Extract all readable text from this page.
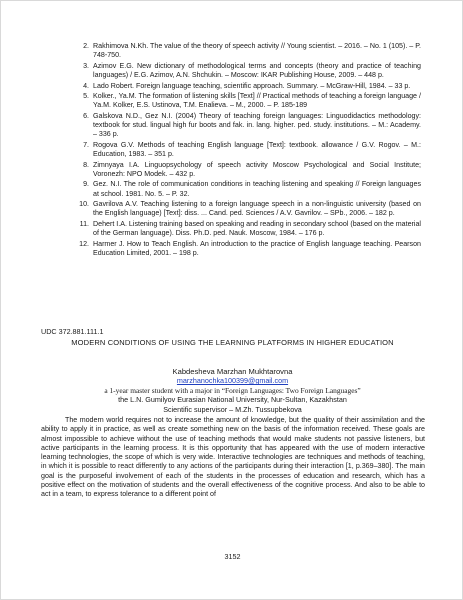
2. Rakhimova N.Kh. The value of the theory of speech activity // Young scientist. – 2016. – No. 1 (105). – P. 748-750.
3. Azimov E.G. New dictionary of methodological terms and concepts (theory and practice of teaching languages) / E.G. Azimov, A.N. Shchukin. – Moscow: IKAR Publishing House, 2009. – 448 p.
4. Lado Robert. Foreign language teaching, scientific approach. Summary. – McGraw-Hill, 1984. – 33 p.
5. Kolker., Ya.M. The formation of listening skills [Text] // Practical methods of teaching a foreign language / Ya.M. Kolker, E.S. Ustinova, T.M. Enalieva. – M., 2000. – P. 185-189
6. Galskova N.D., Gez N.I. (2004) Theory of teaching foreign languages: Linguodidactics methodology: textbook for stud. lingual high fur boots and fak. in. lang. higher. ped. study. institutions. – M.: Academy. – 336 p.
7. Rogova G.V. Methods of teaching English language [Text]: textbook. allowance / G.V. Rogov. – M.: Education, 1983. – 351 p.
8. Zimnyaya I.A. Linguopsychology of speech activity Moscow Psychological and Social Institute; Voronezh: NPO Modek. – 432 p.
9. Gez. N.I. The role of communication conditions in teaching listening and speaking // Foreign languages at school. 1981. No. 5. – P. 32.
10. Gavrilova A.V. Teaching listening to a foreign language speech in a non-linguistic university (based on the English language) [Text]: diss. ... Cand. ped. Sciences / A.V. Gavrilov. – SPb., 2006. – 182 p.
11. Dehert I.A. Listening training based on speaking and reading in secondary school (based on the material of the German language). Diss. Ph.D. ped. Nauk. Moscow, 1984. – 176 p.
12. Harmer J. How to Teach English. An introduction to the practice of English language teaching. Pearson Education Limited, 2001. – 198 p.
UDC 372.881.111.1
MODERN CONDITIONS OF USING THE LEARNING PLATFORMS IN HIGHER EDUCATION
Kabdesheva Marzhan Mukhtarovna
marzhanochka100399@gmail.com
a 1-year master student with a major in “Foreign Languages: Two Foreign Languages”
the L.N. Gumilyov Eurasian National University, Nur-Sultan, Kazakhstan
Scientific supervisor – M.Zh. Tussupbekova

The modern world requires not to increase the amount of knowledge, but the quality of their assimilation and the ability to apply it in practice, as well as create something new on the basis of the information received. These goals are almost impossible to achieve without the use of teaching methods that would make students not passive listeners, but active participants in the learning process. It is this opportunity that has appeared with the use of modern interactive learning technologies, the scope of which is very wide. Interactive technologies are techniques and methods of teaching, in which it is possible to react differently to any actions of the participants during their interaction [1, p.369–380]. The main goal is the purposeful involvement of each of the students in the processes of education and research, which has a positive effect on the motivation of students and the overall effectiveness of the cognitive process. And also to be able to act in a team, to express tolerance to a different point of

3152
